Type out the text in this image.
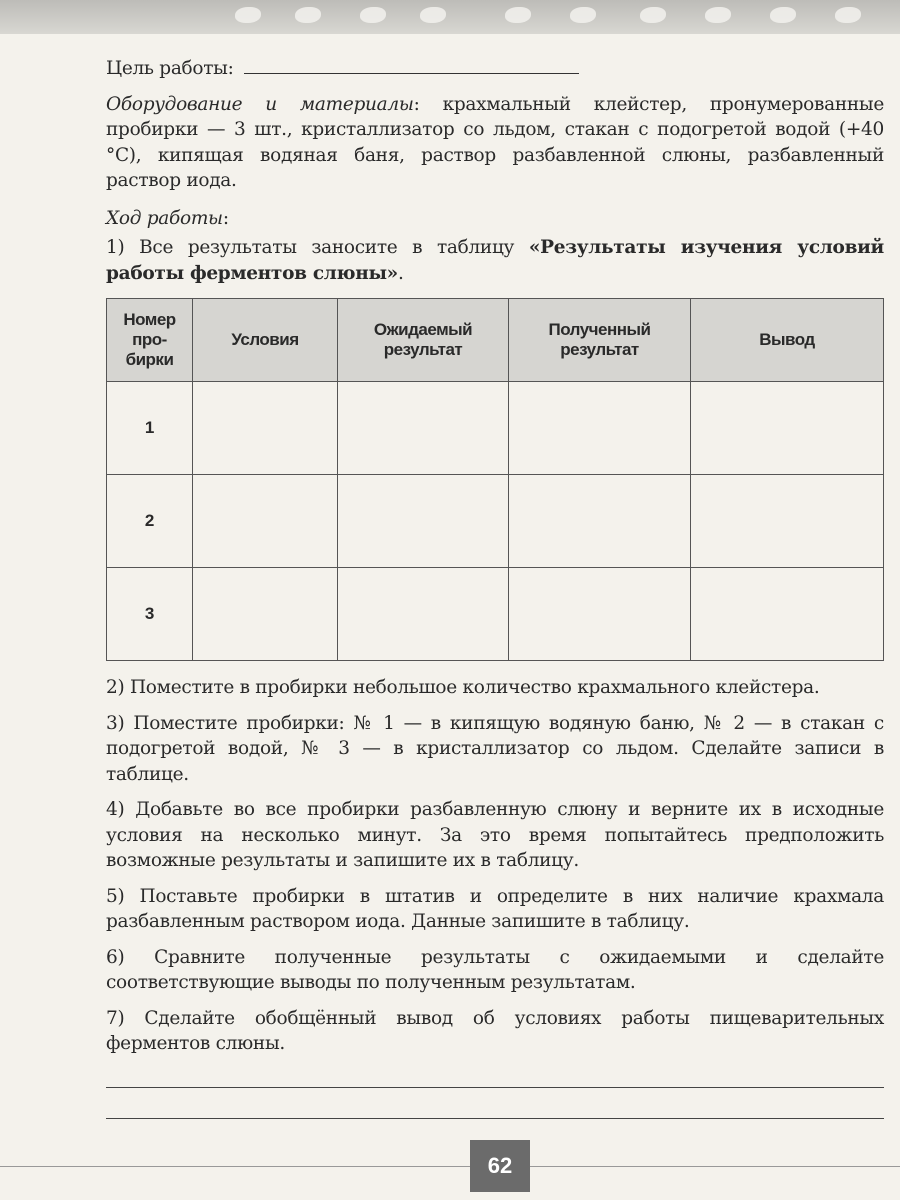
Цель работы:

Оборудование и материалы: крахмальный клейстер, пронумерованные пробирки — 3 шт., кристаллизатор со льдом, стакан с подогретой водой (+40 °С), кипящая водяная баня, раствор разбавленной слюны, разбавленный раствор иода.

Ход работы:

1) Все результаты заносите в таблицу «Результаты изучения условий работы ферментов слюны».

Номер про-бирки	Условия	Ожидаемый результат	Полученный результат	Вывод
1				
2				
3				

2) Поместите в пробирки небольшое количество крахмального клейстера.

3) Поместите пробирки: № 1 — в кипящую водяную баню, № 2 — в стакан с подогретой водой, № 3 — в кристаллизатор со льдом. Сделайте записи в таблице.

4) Добавьте во все пробирки разбавленную слюну и верните их в исходные условия на несколько минут. За это время попытайтесь предположить возможные результаты и запишите их в таблицу.

5) Поставьте пробирки в штатив и определите в них наличие крахмала разбавленным раствором иода. Данные запишите в таблицу.

6) Сравните полученные результаты с ожидаемыми и сделайте соответствующие выводы по полученным результатам.

7) Сделайте обобщённый вывод об условиях работы пищеварительных ферментов слюны.

62
